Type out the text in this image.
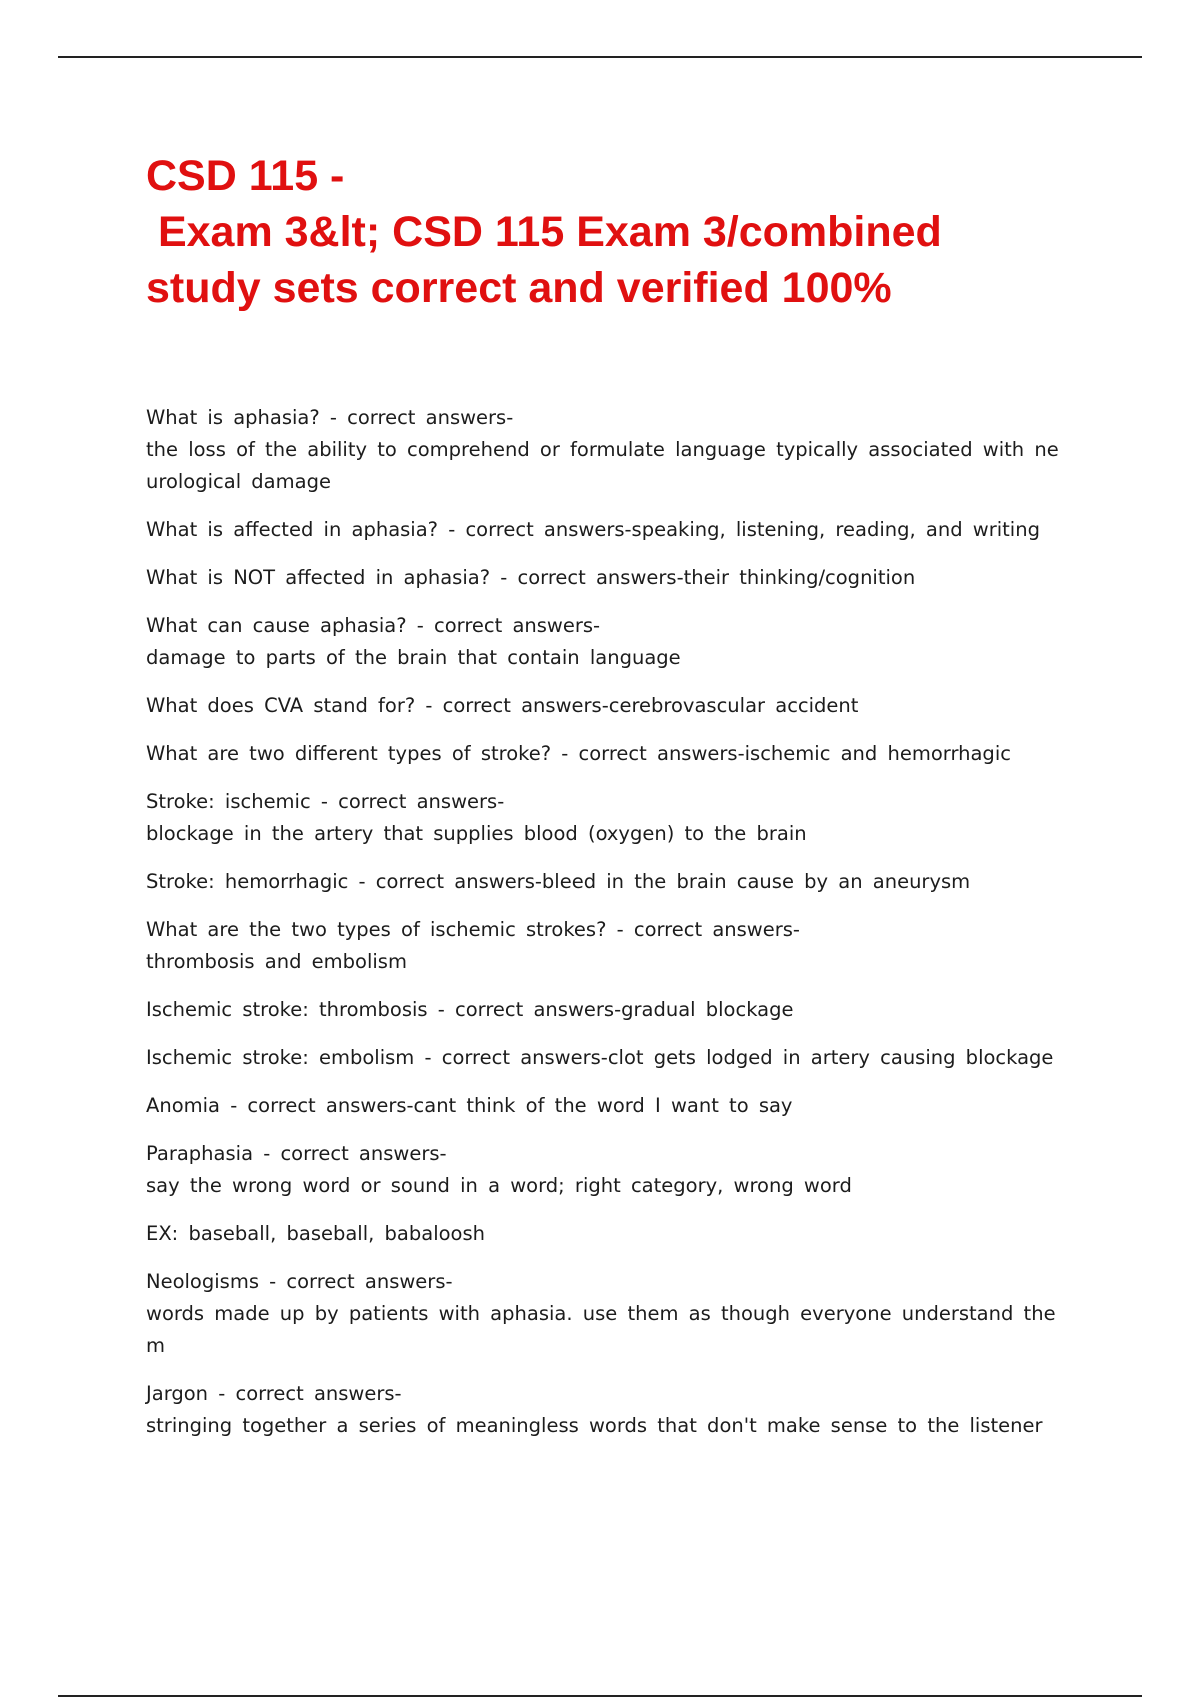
CSD 115 -
Exam 3&lt; CSD 115 Exam 3/combined
study sets correct and verified 100%

What is aphasia? - correct answers-
the loss of the ability to comprehend or formulate language typically associated with ne
urological damage

What is affected in aphasia? - correct answers-speaking, listening, reading, and writing

What is NOT affected in aphasia? - correct answers-their thinking/cognition

What can cause aphasia? - correct answers-
damage to parts of the brain that contain language

What does CVA stand for? - correct answers-cerebrovascular accident

What are two different types of stroke? - correct answers-ischemic and hemorrhagic

Stroke: ischemic - correct answers-
blockage in the artery that supplies blood (oxygen) to the brain

Stroke: hemorrhagic - correct answers-bleed in the brain cause by an aneurysm

What are the two types of ischemic strokes? - correct answers-
thrombosis and embolism

Ischemic stroke: thrombosis - correct answers-gradual blockage

Ischemic stroke: embolism - correct answers-clot gets lodged in artery causing blockage

Anomia - correct answers-cant think of the word I want to say

Paraphasia - correct answers-
say the wrong word or sound in a word; right category, wrong word

EX: baseball, baseball, babaloosh

Neologisms - correct answers-
words made up by patients with aphasia. use them as though everyone understand the
m

Jargon - correct answers-
stringing together a series of meaningless words that don't make sense to the listener
